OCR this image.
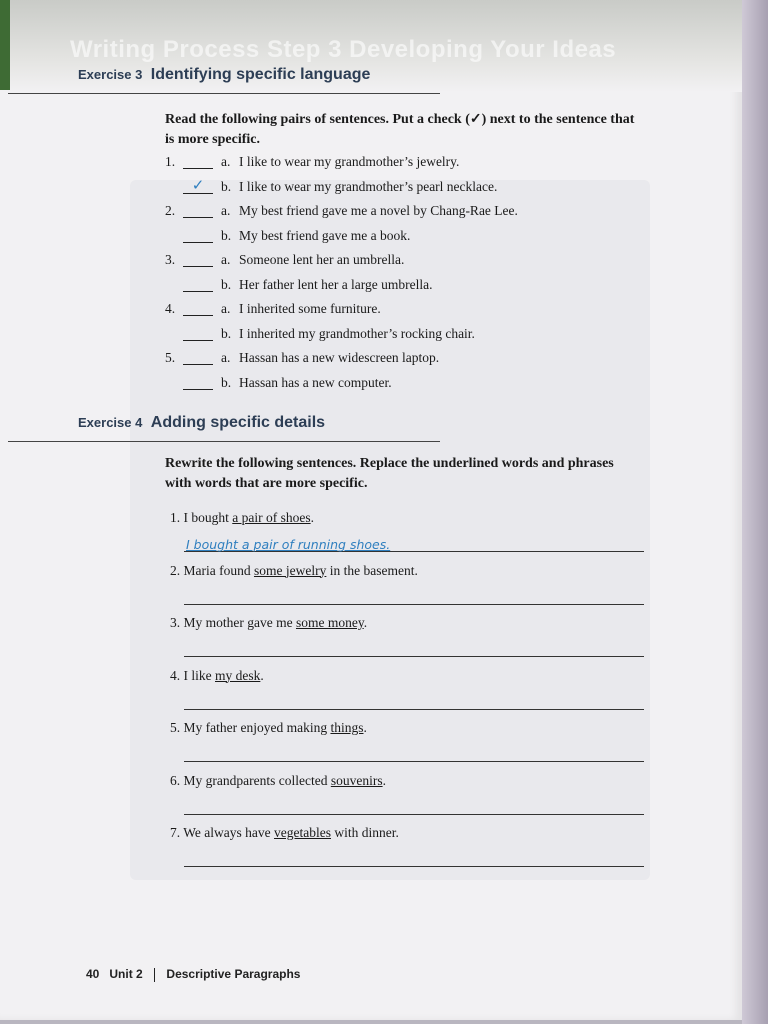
Writing Process Step 3 Developing Your Ideas
Exercise 3 Identifying specific language
Read the following pairs of sentences. Put a check (✓) next to the sentence that is more specific.
1.	a. I like to wear my grandmother’s jewelry.
✓	b. I like to wear my grandmother’s pearl necklace.
2.	a. My best friend gave me a novel by Chang-Rae Lee.
b. My best friend gave me a book.
3.	a. Someone lent her an umbrella.
b. Her father lent her a large umbrella.
4.	a. I inherited some furniture.
b. I inherited my grandmother’s rocking chair.
5.	a. Hassan has a new widescreen laptop.
b. Hassan has a new computer.
Exercise 4 Adding specific details
Rewrite the following sentences. Replace the underlined words and phrases with words that are more specific.
1. I bought a pair of shoes.
I bought a pair of running shoes.
2. Maria found some jewelry in the basement.
3. My mother gave me some money.
4. I like my desk.
5. My father enjoyed making things.
6. My grandparents collected souvenirs.
7. We always have vegetables with dinner.
40 Unit 2 Descriptive Paragraphs
